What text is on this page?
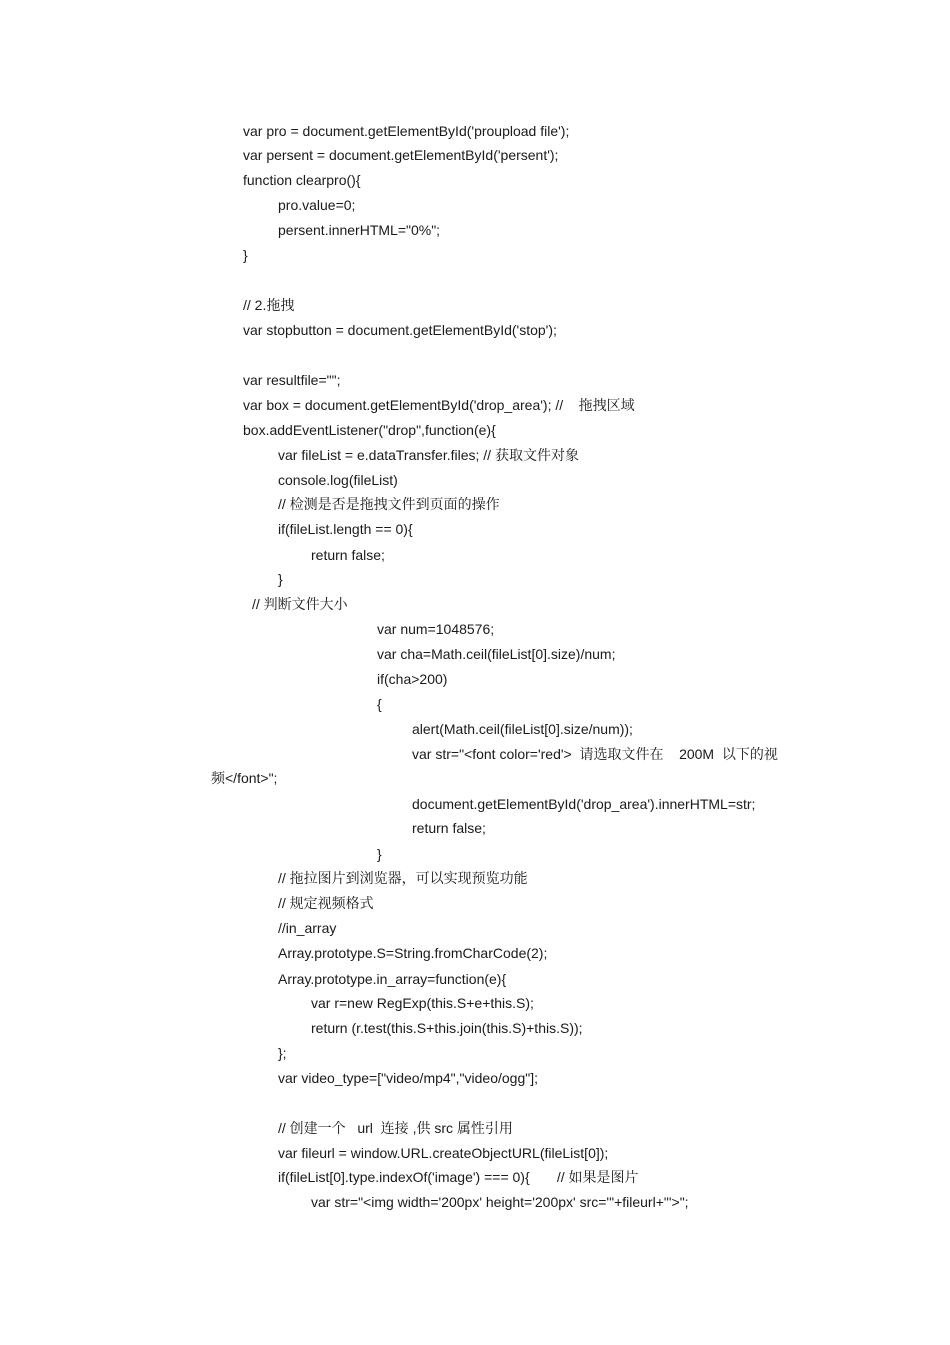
var pro = document.getElementById('proupload file');
var persent = document.getElementById('persent');
function clearpro(){
pro.value=0;
persent.innerHTML="0%";
}
// 2.拖拽
var stopbutton = document.getElementById('stop');
var resultfile="";
var box = document.getElementById('drop_area'); //    拖拽区域
box.addEventListener("drop",function(e){
var fileList = e.dataTransfer.files; // 获取文件对象
console.log(fileList)
// 检测是否是拖拽文件到页面的操作
if(fileList.length == 0){
return false;
}
// 判断文件大小
var num=1048576;
var cha=Math.ceil(fileList[0].size)/num;
if(cha>200)
{
alert(Math.ceil(fileList[0].size/num));
var str="<font color='red'>  请选取文件在    200M  以下的视
频</font>";
document.getElementById('drop_area').innerHTML=str;
return false;
}
// 拖拉图片到浏览器，可以实现预览功能
// 规定视频格式
//in_array
Array.prototype.S=String.fromCharCode(2);
Array.prototype.in_array=function(e){
var r=new RegExp(this.S+e+this.S);
return (r.test(this.S+this.join(this.S)+this.S));
};
var video_type=["video/mp4","video/ogg"];
// 创建一个   url  连接 ,供 src 属性引用
var fileurl = window.URL.createObjectURL(fileList[0]);
if(fileList[0].type.indexOf('image') === 0){       // 如果是图片
var str="<img width='200px' height='200px' src='"+fileurl+"'>";
